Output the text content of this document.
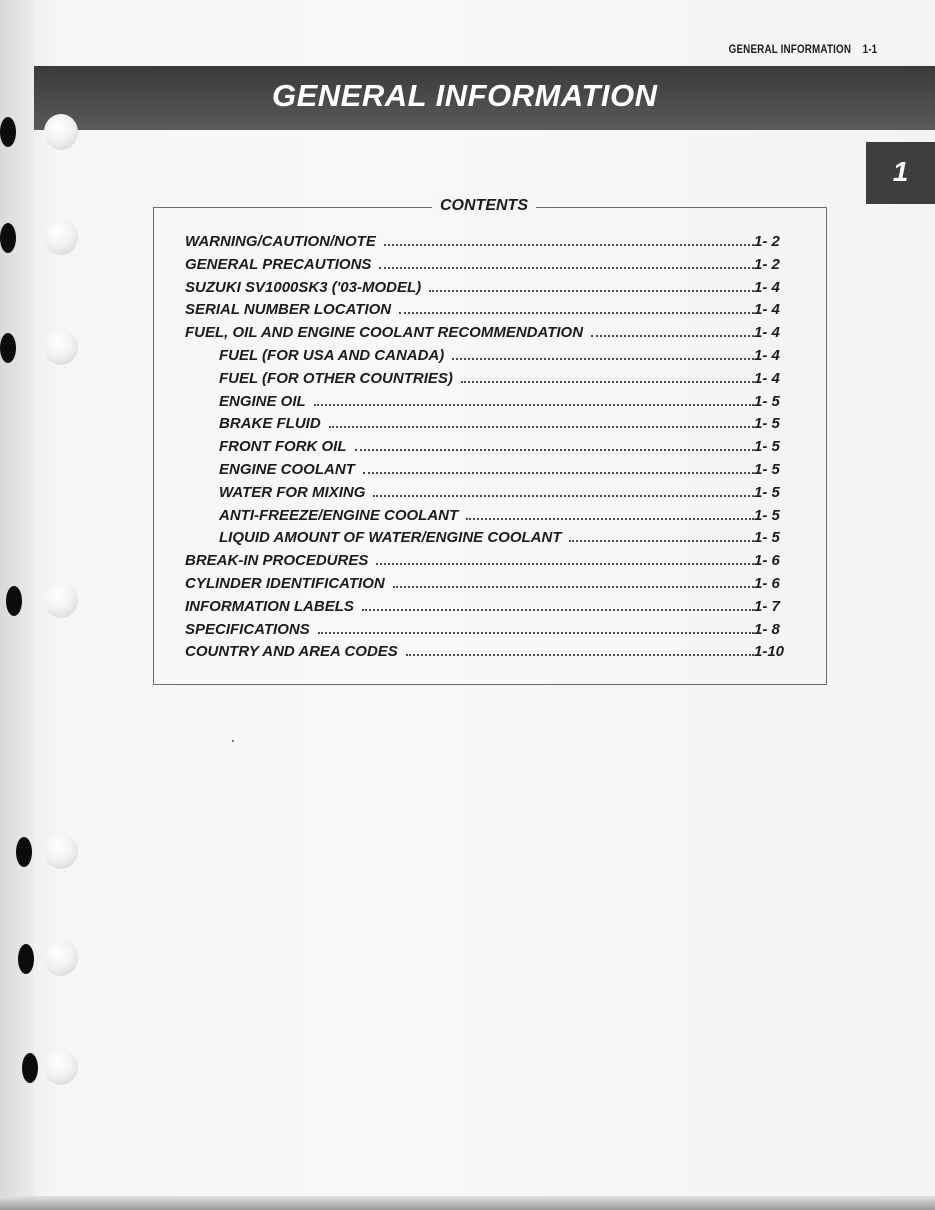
GENERAL INFORMATION 1-1
GENERAL INFORMATION
1
CONTENTS
WARNING/CAUTION/NOTE	1- 2
GENERAL PRECAUTIONS	1- 2
SUZUKI SV1000SK3 ('03-MODEL)	1- 4
SERIAL NUMBER LOCATION	1- 4
FUEL, OIL AND ENGINE COOLANT RECOMMENDATION	1- 4
FUEL (FOR USA AND CANADA)	1- 4
FUEL (FOR OTHER COUNTRIES)	1- 4
ENGINE OIL	1- 5
BRAKE FLUID	1- 5
FRONT FORK OIL	1- 5
ENGINE COOLANT	1- 5
WATER FOR MIXING	1- 5
ANTI-FREEZE/ENGINE COOLANT	1- 5
LIQUID AMOUNT OF WATER/ENGINE COOLANT	1- 5
BREAK-IN PROCEDURES	1- 6
CYLINDER IDENTIFICATION	1- 6
INFORMATION LABELS	1- 7
SPECIFICATIONS	1- 8
COUNTRY AND AREA CODES	1-10
